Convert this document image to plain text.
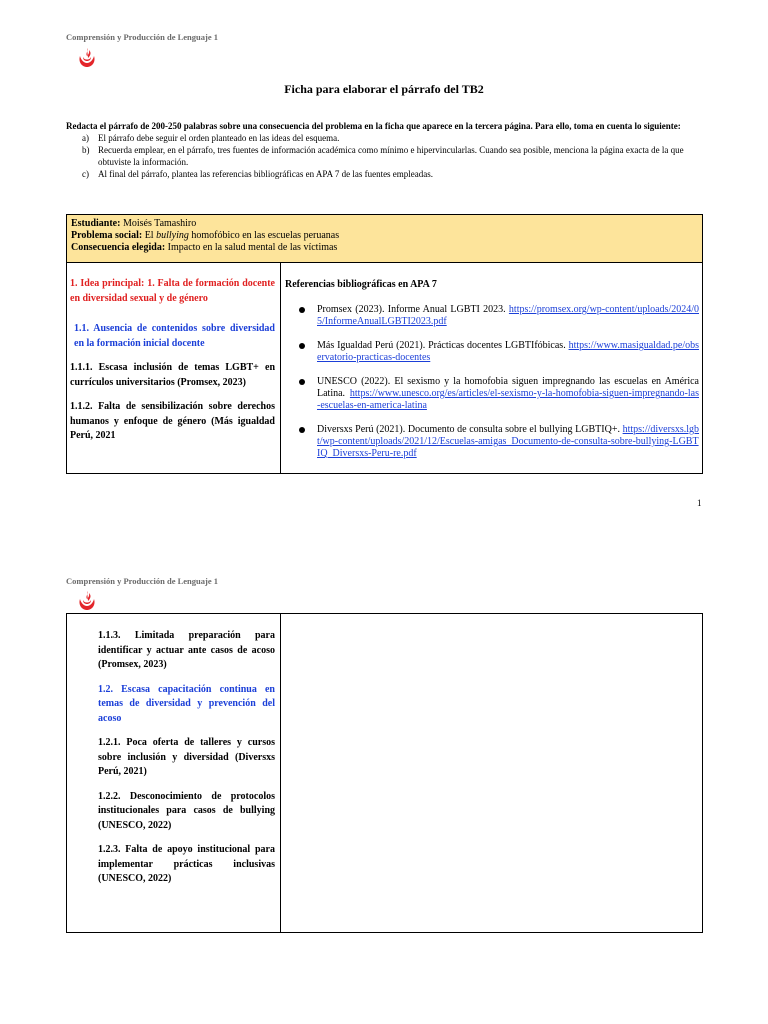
Comprensión y Producción de Lenguaje 1
Ficha para elaborar el párrafo del TB2

Redacta el párrafo de 200-250 palabras sobre una consecuencia del problema en la ficha que aparece en la tercera página. Para ello, toma en cuenta lo siguiente:

a) El párrafo debe seguir el orden planteado en las ideas del esquema.
b) Recuerda emplear, en el párrafo, tres fuentes de información académica como mínimo e hipervincularlas. Cuando sea posible, menciona la página exacta de la que obtuviste la información.
c) Al final del párrafo, plantea las referencias bibliográficas en APA 7 de las fuentes empleadas.
Estudiante: Moisés Tamashiro
Problema social: El bullying homofóbico en las escuelas peruanas
Consecuencia elegida: Impacto en la salud mental de las víctimas
1. Idea principal: 1. Falta de formación docente en diversidad sexual y de género
1.1. Ausencia de contenidos sobre diversidad en la formación inicial docente
1.1.1. Escasa inclusión de temas LGBT+ en currículos universitarios (Promsex, 2023)
1.1.2. Falta de sensibilización sobre derechos humanos y enfoque de género (Más igualdad Perú, 2021
Referencias bibliográficas en APA 7
Promsex (2023). Informe Anual LGBTI 2023. https://promsex.org/wp-content/uploads/2024/05/InformeAnualLGBTI2023.pdf
Más Igualdad Perú (2021). Prácticas docentes LGBTIfóbicas. https://www.masigualdad.pe/observatorio-practicas-docentes
UNESCO (2022). El sexismo y la homofobia siguen impregnando las escuelas en América Latina. https://www.unesco.org/es/articles/el-sexismo-y-la-homofobia-siguen-impregnando-las-escuelas-en-america-latina
Diversxs Perú (2021). Documento de consulta sobre el bullying LGBTIQ+. https://diversxs.lgbt/wp-content/uploads/2021/12/Escuelas-amigas_Documento-de-consulta-sobre-bullying-LGBTIQ_Diversxs-Peru-re.pdf
1
Comprensión y Producción de Lenguaje 1
1.1.3. Limitada preparación para identificar y actuar ante casos de acoso (Promsex, 2023)
1.2. Escasa capacitación continua en temas de diversidad y prevención del acoso
1.2.1. Poca oferta de talleres y cursos sobre inclusión y diversidad (Diversxs Perú, 2021)
1.2.2. Desconocimiento de protocolos institucionales para casos de bullying (UNESCO, 2022)
1.2.3. Falta de apoyo institucional para implementar prácticas inclusivas (UNESCO, 2022)
